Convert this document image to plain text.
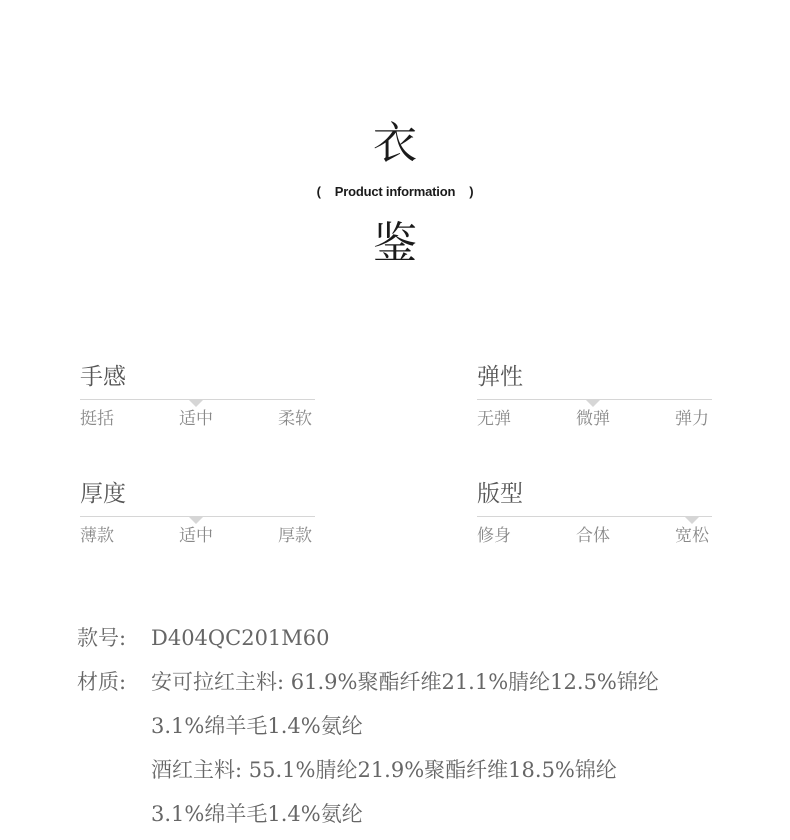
衣
( Product information )
鉴
手感
挺括	适中	柔软
弹性
无弹	微弹	弹力
厚度
薄款	适中	厚款
版型
修身	合体	宽松
款号:	D404QC201M60
材质:	安可拉红主料: 61.9%聚酯纤维21.1%腈纶12.5%锦纶
3.1%绵羊毛1.4%氨纶
酒红主料: 55.1%腈纶21.9%聚酯纤维18.5%锦纶
3.1%绵羊毛1.4%氨纶
